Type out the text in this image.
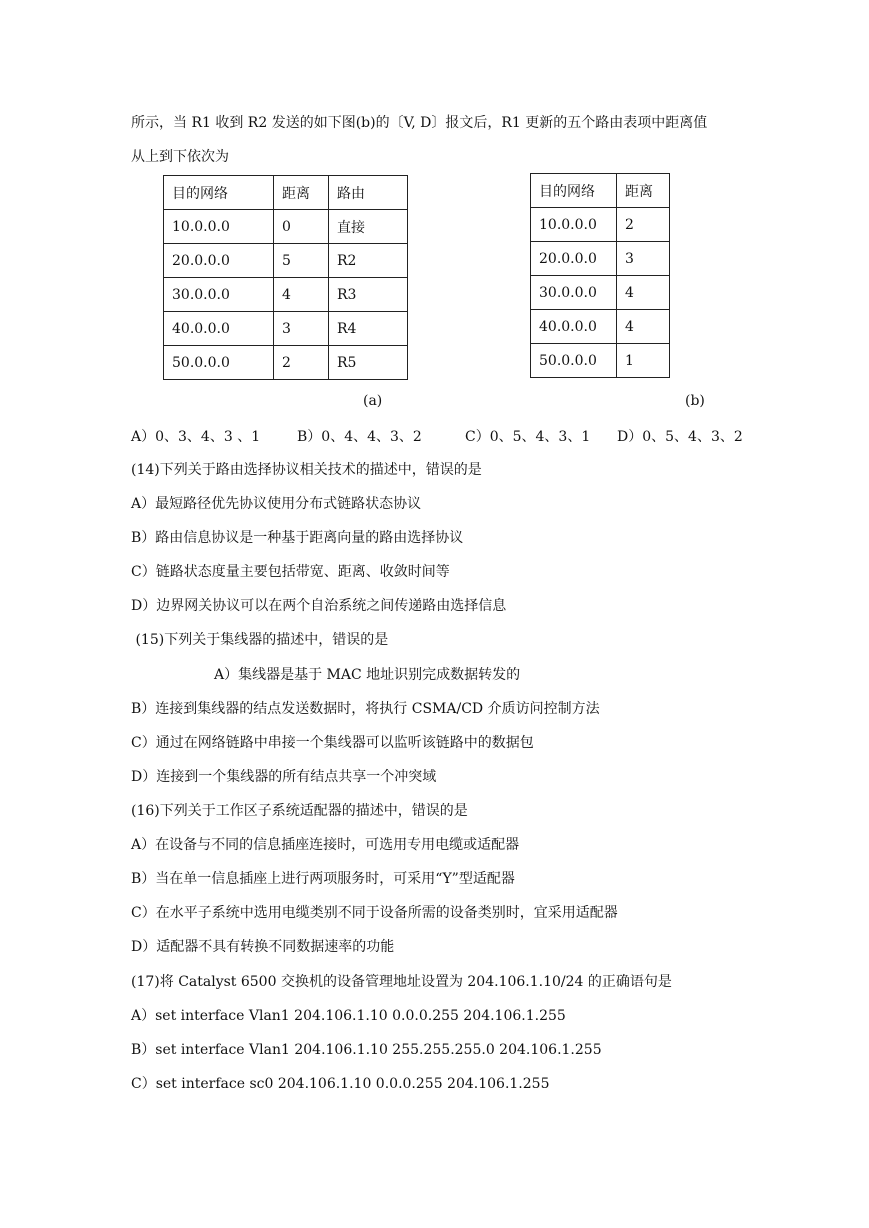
所示，当 R1 收到 R2 发送的如下图(b)的〔V, D〕报文后，R1 更新的五个路由表项中距离值
从上到下依次为
目的网络	距离	路由
10.0.0.0	0	直接
20.0.0.0	5	R2
30.0.0.0	4	R3
40.0.0.0	3	R4
50.0.0.0	2	R5
(a)
目的网络	距离
10.0.0.0	2
20.0.0.0	3
30.0.0.0	4
40.0.0.0	4
50.0.0.0	1
(b)
A）0、3、4、3 、1	B）0、4、4、3、2	C）0、5、4、3、1 D）0、5、4、3、2
(14)下列关于路由选择协议相关技术的描述中，错误的是
A）最短路径优先协议使用分布式链路状态协议
B）路由信息协议是一种基于距离向量的路由选择协议
C）链路状态度量主要包括带宽、距离、收敛时间等
D）边界网关协议可以在两个自治系统之间传递路由选择信息
(15)下列关于集线器的描述中，错误的是
A）集线器是基于 MAC 地址识别完成数据转发的
B）连接到集线器的结点发送数据时，将执行 CSMA/CD 介质访问控制方法
C）通过在网络链路中串接一个集线器可以监听该链路中的数据包
D）连接到一个集线器的所有结点共享一个冲突域
(16)下列关于工作区子系统适配器的描述中，错误的是
A）在设备与不同的信息插座连接时，可选用专用电缆或适配器
B）当在单一信息插座上进行两项服务时，可采用“Y”型适配器
C）在水平子系统中选用电缆类别不同于设备所需的设备类别时，宜采用适配器
D）适配器不具有转换不同数据速率的功能
(17)将 Catalyst 6500 交换机的设备管理地址设置为 204.106.1.10/24 的正确语句是
A）set interface Vlan1 204.106.1.10 0.0.0.255 204.106.1.255
B）set interface Vlan1 204.106.1.10 255.255.255.0 204.106.1.255
C）set interface sc0 204.106.1.10 0.0.0.255 204.106.1.255
